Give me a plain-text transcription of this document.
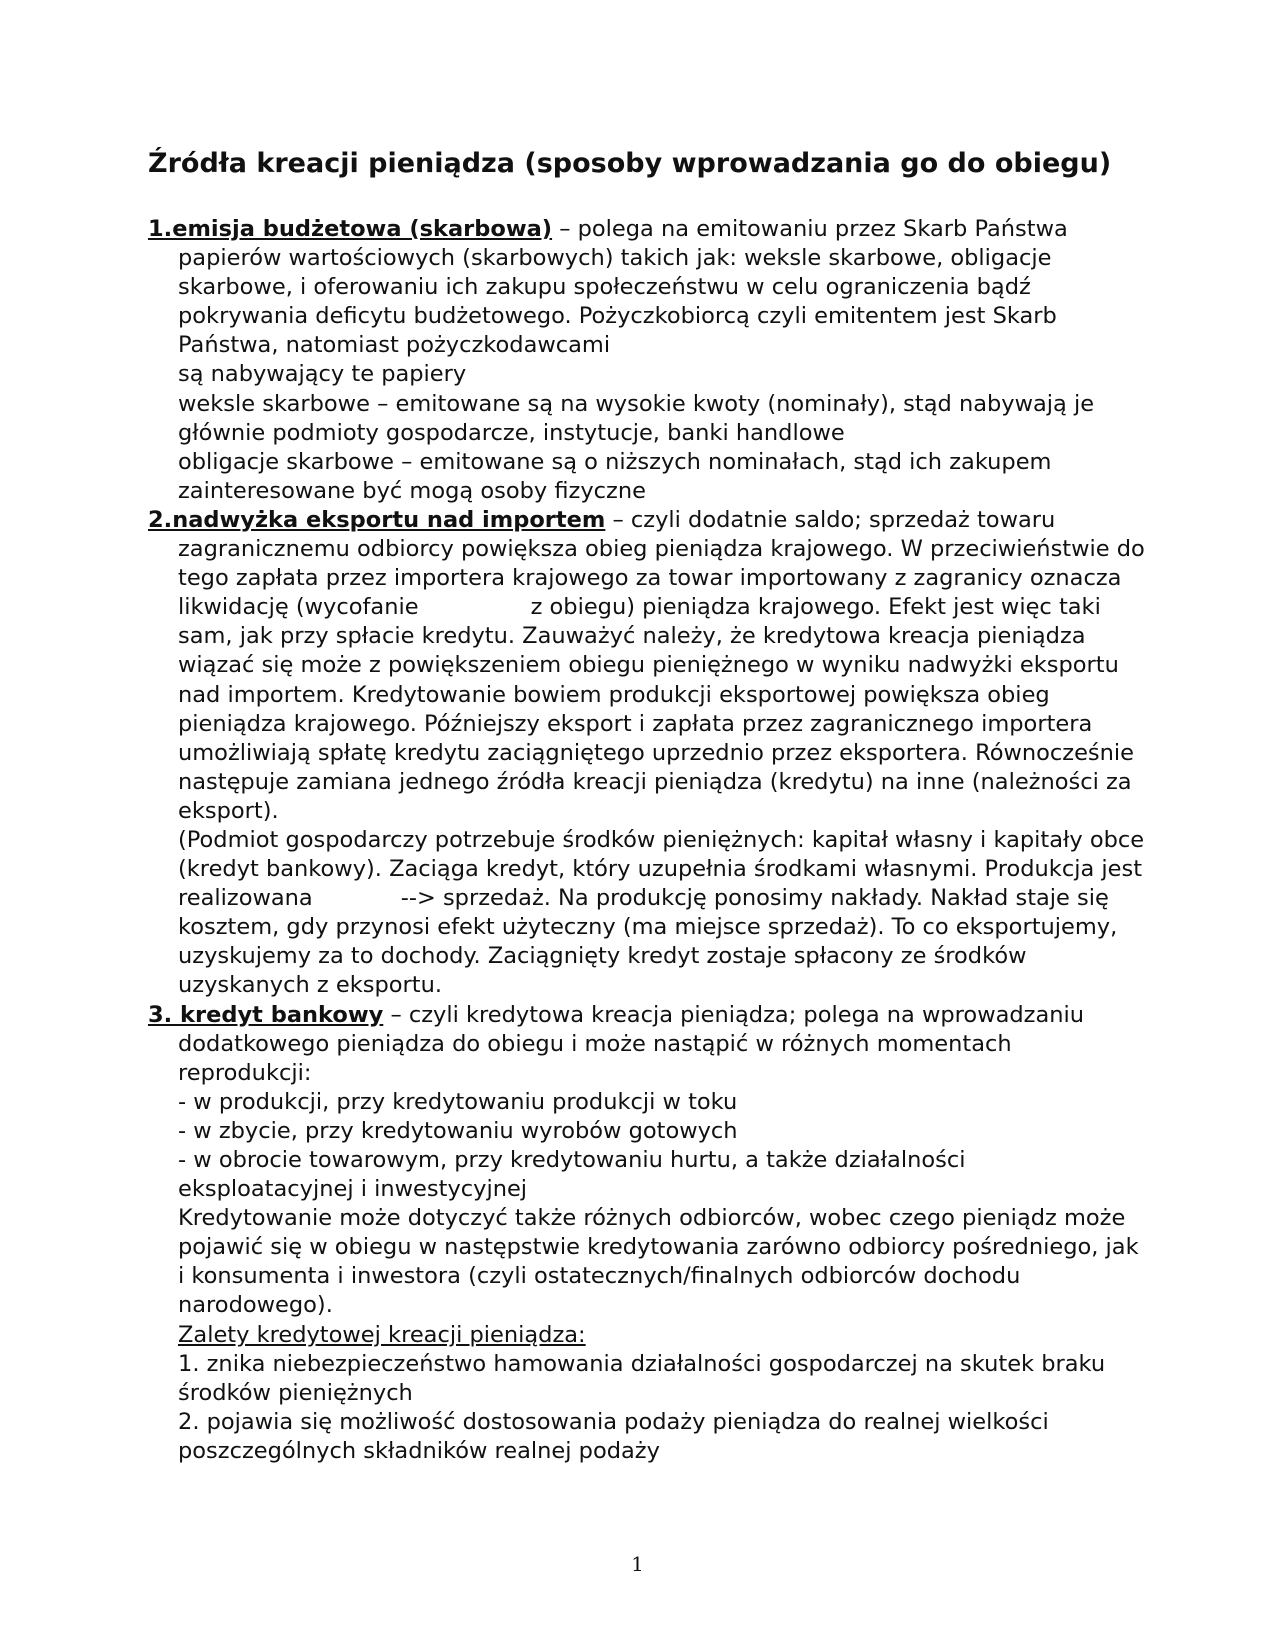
Źródła kreacji pieniądza (sposoby wprowadzania go do obiegu)
1.emisja budżetowa (skarbowa) – polega na emitowaniu przez Skarb Państwa papierów wartościowych (skarbowych) takich jak: weksle skarbowe, obligacje skarbowe, i oferowaniu ich zakupu społeczeństwu w celu ograniczenia bądź pokrywania deficytu budżetowego. Pożyczkobiorcą czyli emitentem jest Skarb Państwa, natomiast pożyczkodawcami
są nabywający te papiery
weksle skarbowe – emitowane są na wysokie kwoty (nominały), stąd nabywają je głównie podmioty gospodarcze, instytucje, banki handlowe
obligacje skarbowe – emitowane są o niższych nominałach, stąd ich zakupem zainteresowane być mogą osoby fizyczne
2.nadwyżka eksportu nad importem – czyli dodatnie saldo; sprzedaż towaru zagranicznemu odbiorcy powiększa obieg pieniądza krajowego. W przeciwieństwie do tego zapłata przez importera krajowego za towar importowany z zagranicy oznacza likwidację (wycofanie	z obiegu) pieniądza krajowego. Efekt jest więc taki sam, jak przy spłacie kredytu. Zauważyć należy, że kredytowa kreacja pieniądza wiązać się może z powiększeniem obiegu pieniężnego w wyniku nadwyżki eksportu nad importem. Kredytowanie bowiem produkcji eksportowej powiększa obieg pieniądza krajowego. Późniejszy eksport i zapłata przez zagranicznego importera umożliwiają spłatę kredytu zaciągniętego uprzednio przez eksportera. Równocześnie następuje zamiana jednego źródła kreacji pieniądza (kredytu) na inne (należności za eksport).
(Podmiot gospodarczy potrzebuje środków pieniężnych: kapitał własny i kapitały obce (kredyt bankowy). Zaciąga kredyt, który uzupełnia środkami własnymi. Produkcja jest realizowana	--> sprzedaż. Na produkcję ponosimy nakłady. Nakład staje się kosztem, gdy przynosi efekt użyteczny (ma miejsce sprzedaż). To co eksportujemy, uzyskujemy za to dochody. Zaciągnięty kredyt zostaje spłacony ze środków uzyskanych z eksportu.
3. kredyt bankowy – czyli kredytowa kreacja pieniądza; polega na wprowadzaniu dodatkowego pieniądza do obiegu i może nastąpić w różnych momentach reprodukcji:
- w produkcji, przy kredytowaniu produkcji w toku
- w zbycie, przy kredytowaniu wyrobów gotowych
- w obrocie towarowym, przy kredytowaniu hurtu, a także działalności eksploatacyjnej i inwestycyjnej
Kredytowanie może dotyczyć także różnych odbiorców, wobec czego pieniądz może pojawić się w obiegu w następstwie kredytowania zarówno odbiorcy pośredniego, jak i konsumenta i inwestora (czyli ostatecznych/finalnych odbiorców dochodu narodowego).
Zalety kredytowej kreacji pieniądza:
1. znika niebezpieczeństwo hamowania działalności gospodarczej na skutek braku środków pieniężnych
2. pojawia się możliwość dostosowania podaży pieniądza do realnej wielkości poszczególnych składników realnej podaży
1
